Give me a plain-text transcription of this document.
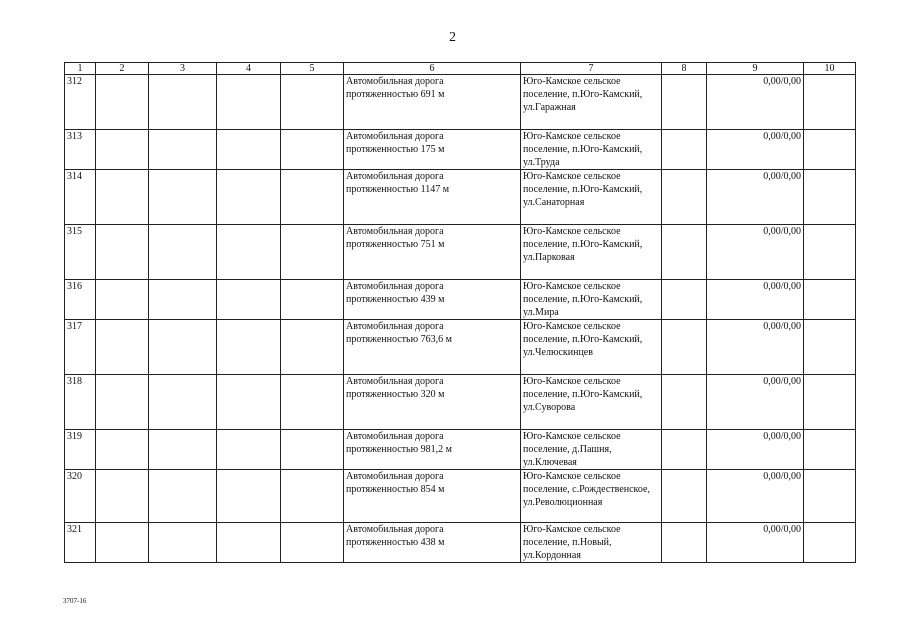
2
1	2	3	4	5	6	7	8	9	10
312					Автомобильная дорога протяженностью 691 м	Юго-Камское сельское поселение, п.Юго-Камский, ул.Гаражная		0,00/0,00	
313					Автомобильная дорога протяженностью 175 м	Юго-Камское сельское поселение, п.Юго-Камский, ул.Труда		0,00/0,00	
314					Автомобильная дорога протяженностью 1147 м	Юго-Камское сельское поселение, п.Юго-Камский, ул.Санаторная		0,00/0,00	
315					Автомобильная дорога протяженностью 751 м	Юго-Камское сельское поселение, п.Юго-Камский, ул.Парковая		0,00/0,00	
316					Автомобильная дорога протяженностью 439 м	Юго-Камское сельское поселение, п.Юго-Камский, ул.Мира		0,00/0,00	
317					Автомобильная дорога протяженностью 763,6 м	Юго-Камское сельское поселение, п.Юго-Камский, ул.Челюскинцев		0,00/0,00	
318					Автомобильная дорога протяженностью 320 м	Юго-Камское сельское поселение, п.Юго-Камский, ул.Суворова		0,00/0,00	
319					Автомобильная дорога протяженностью 981,2 м	Юго-Камское сельское поселение, д.Пашня, ул.Ключевая		0,00/0,00	
320					Автомобильная дорога протяженностью 854 м	Юго-Камское сельское поселение, с.Рождественское, ул.Революционная		0,00/0,00	
321					Автомобильная дорога протяженностью 438 м	Юго-Камское сельское поселение, п.Новый, ул.Кордонная		0,00/0,00	
3707-16
